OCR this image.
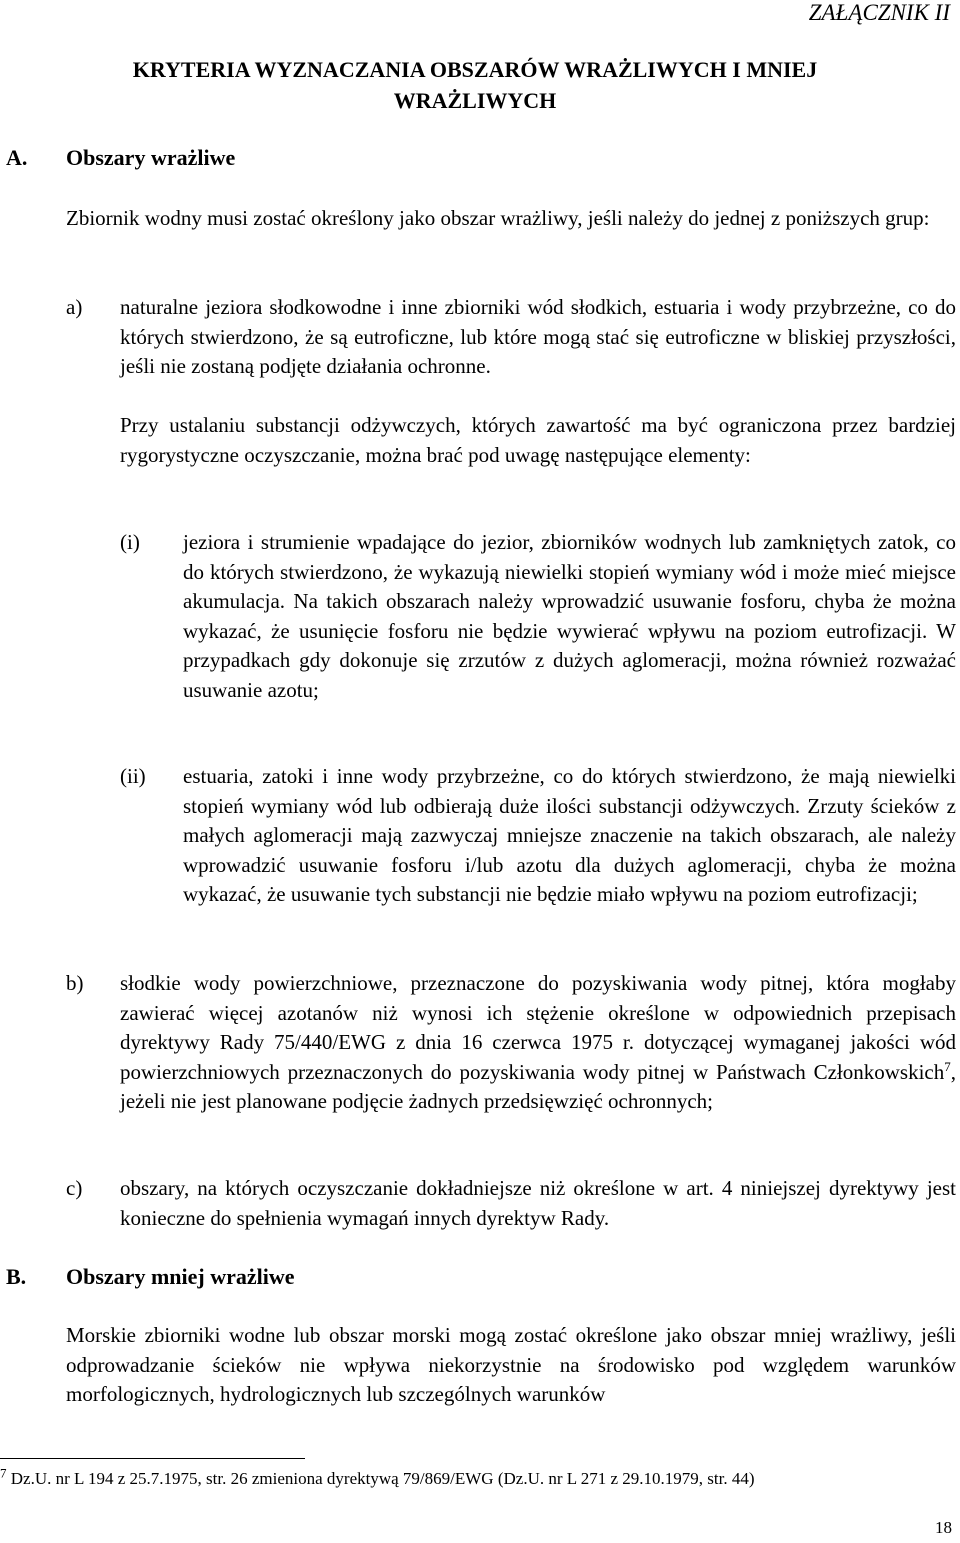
ZAŁĄCZNIK II
KRYTERIA WYZNACZANIA OBSZARÓW WRAŻLIWYCH I MNIEJ
WRAŻLIWYCH
A. Obszary wrażliwe

Zbiornik wodny musi zostać określony jako obszar wrażliwy, jeśli należy do jednej z poniższych grup:

a) naturalne jeziora słodkowodne i inne zbiorniki wód słodkich, estuaria i wody przybrzeżne, co do których stwierdzono, że są eutroficzne, lub które mogą stać się eutroficzne w bliskiej przyszłości, jeśli nie zostaną podjęte działania ochronne.

Przy ustalaniu substancji odżywczych, których zawartość ma być ograniczona przez bardziej rygorystyczne oczyszczanie, można brać pod uwagę następujące elementy:

(i) jeziora i strumienie wpadające do jezior, zbiorników wodnych lub zamkniętych zatok, co do których stwierdzono, że wykazują niewielki stopień wymiany wód i może mieć miejsce akumulacja. Na takich obszarach należy wprowadzić usuwanie fosforu, chyba że można wykazać, że usunięcie fosforu nie będzie wywierać wpływu na poziom eutrofizacji. W przypadkach gdy dokonuje się zrzutów z dużych aglomeracji, można również rozważać usuwanie azotu;

(ii) estuaria, zatoki i inne wody przybrzeżne, co do których stwierdzono, że mają niewielki stopień wymiany wód lub odbierają duże ilości substancji odżywczych. Zrzuty ścieków z małych aglomeracji mają zazwyczaj mniejsze znaczenie na takich obszarach, ale należy wprowadzić usuwanie fosforu i/lub azotu dla dużych aglomeracji, chyba że można wykazać, że usuwanie tych substancji nie będzie miało wpływu na poziom eutrofizacji;

b) słodkie wody powierzchniowe, przeznaczone do pozyskiwania wody pitnej, która mogłaby zawierać więcej azotanów niż wynosi ich stężenie określone w odpowiednich przepisach dyrektywy Rady 75/440/EWG z dnia 16 czerwca 1975 r. dotyczącej wymaganej jakości wód powierzchniowych przeznaczonych do pozyskiwania wody pitnej w Państwach Członkowskich$^7$, jeżeli nie jest planowane podjęcie żadnych przedsięwzięć ochronnych;

c) obszary, na których oczyszczanie dokładniejsze niż określone w art. 4 niniejszej dyrektywy jest konieczne do spełnienia wymagań innych dyrektyw Rady.

B. Obszary mniej wrażliwe

Morskie zbiorniki wodne lub obszar morski mogą zostać określone jako obszar mniej wrażliwy, jeśli odprowadzanie ścieków nie wpływa niekorzystnie na środowisko pod względem warunków morfologicznych, hydrologicznych lub szczególnych warunków

$^7$ Dz.U. nr L 194 z 25.7.1975, str. 26 zmieniona dyrektywą 79/869/EWG (Dz.U. nr L 271 z 29.10.1979, str. 44)
18
